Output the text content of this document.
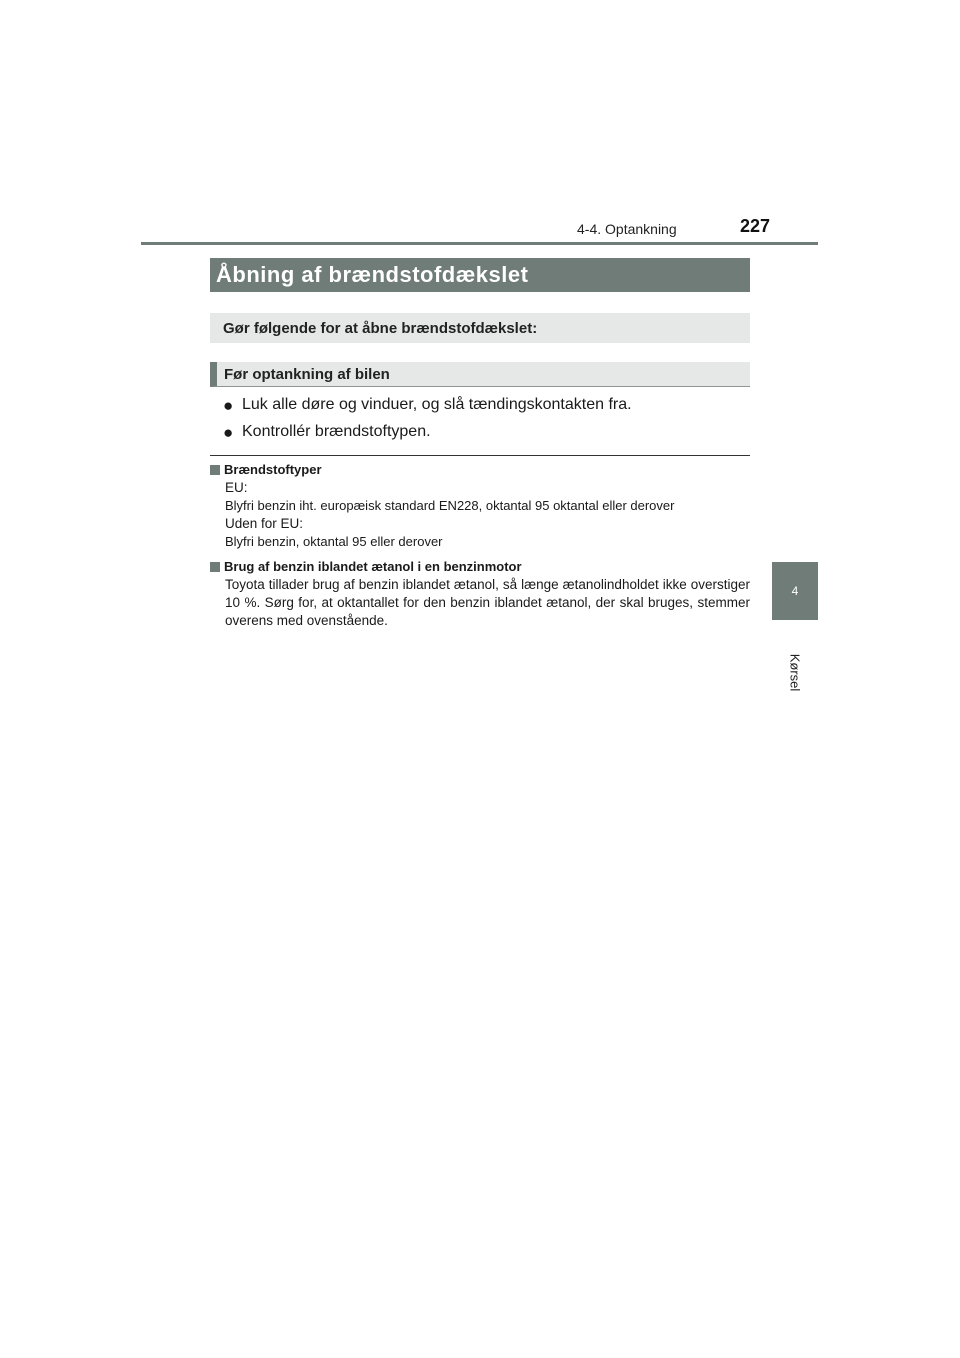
4-4. Optankning	227
4
Kørsel
Åbning af brændstofdækslet
Gør følgende for at åbne brændstofdækslet:
Før optankning af bilen
● Luk alle døre og vinduer, og slå tændingskontakten fra.
● Kontrollér brændstoftypen.
Brændstoftyper
EU:
Blyfri benzin iht. europæisk standard EN228, oktantal 95 oktantal eller derover
Uden for EU:
Blyfri benzin, oktantal 95 eller derover
Brug af benzin iblandet ætanol i en benzinmotor
Toyota tillader brug af benzin iblandet ætanol, så længe ætanolindholdet ikke overstiger 10 %. Sørg for, at oktantallet for den benzin iblandet ætanol, der skal bruges, stemmer overens med ovenstående.
